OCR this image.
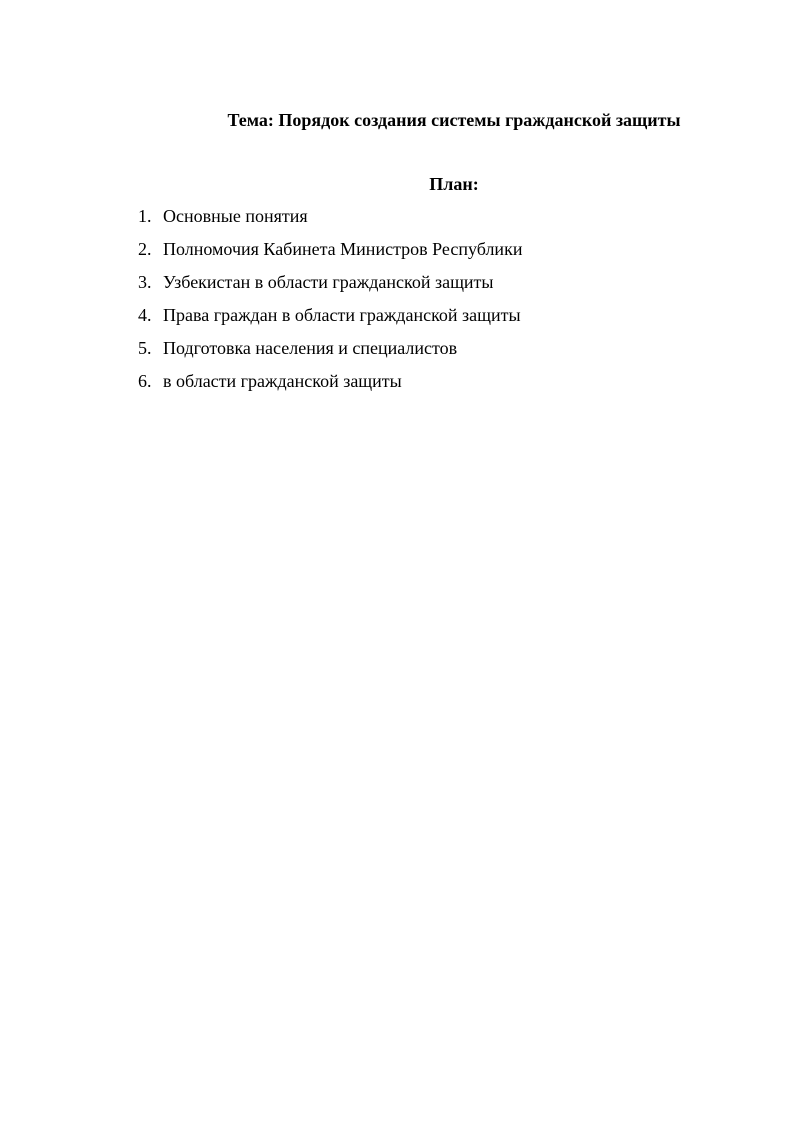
Тема: Порядок создания системы гражданской защиты
План:
1. Основные понятия
2. Полномочия Кабинета Министров Республики
3. Узбекистан в области гражданской защиты
4. Права граждан в области гражданской защиты
5. Подготовка населения и специалистов
6. в области гражданской защиты
